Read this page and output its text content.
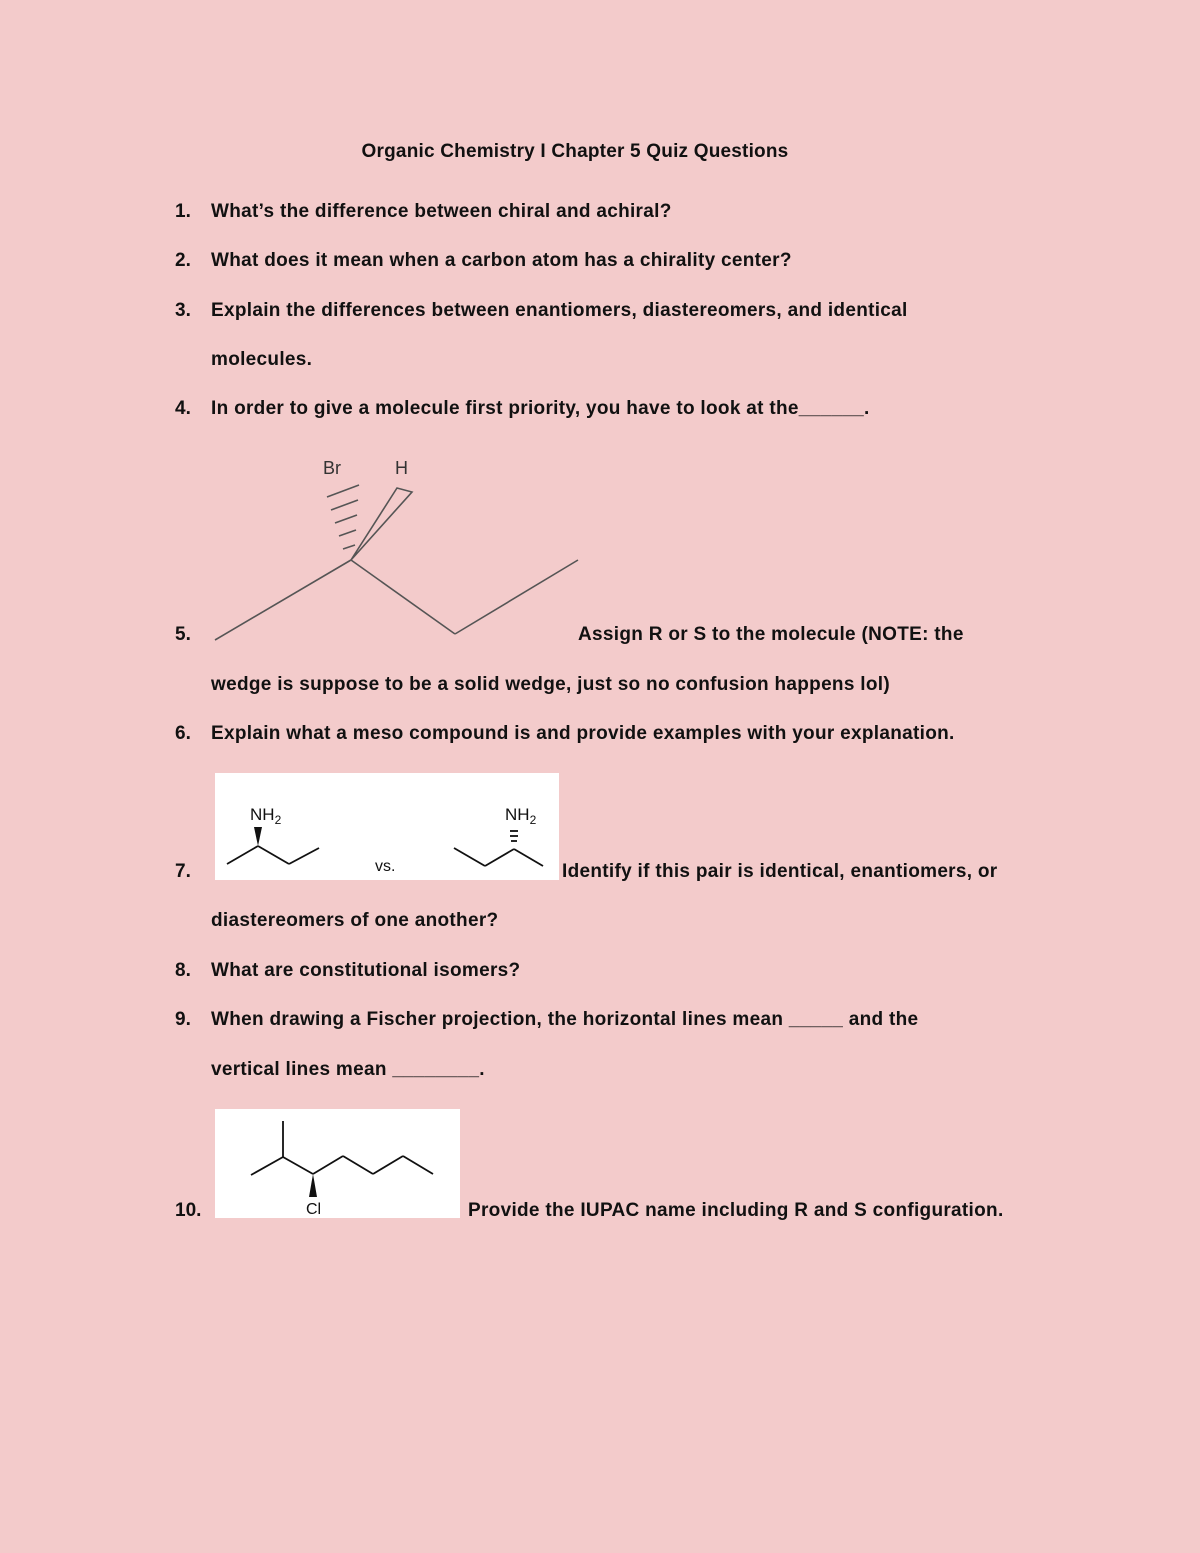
Organic Chemistry I Chapter 5 Quiz Questions
1. What’s the difference between chiral and achiral?
2. What does it mean when a carbon atom has a chirality center?
3. Explain the differences between enantiomers, diastereomers, and identical
molecules.
4. In order to give a molecule first priority, you have to look at the______.
Br	H
5.	Assign R or S to the molecule (NOTE: the
wedge is suppose to be a solid wedge, just so no confusion happens lol)
6. Explain what a meso compound is and provide examples with your explanation.
$NH_2$
vs.
$NH_2$
7.	Identify if this pair is identical, enantiomers, or
diastereomers of one another?
8. What are constitutional isomers?
9. When drawing a Fischer projection, the horizontal lines mean _____ and the
vertical lines mean ________.
Cl
10.	Provide the IUPAC name including R and S configuration.
